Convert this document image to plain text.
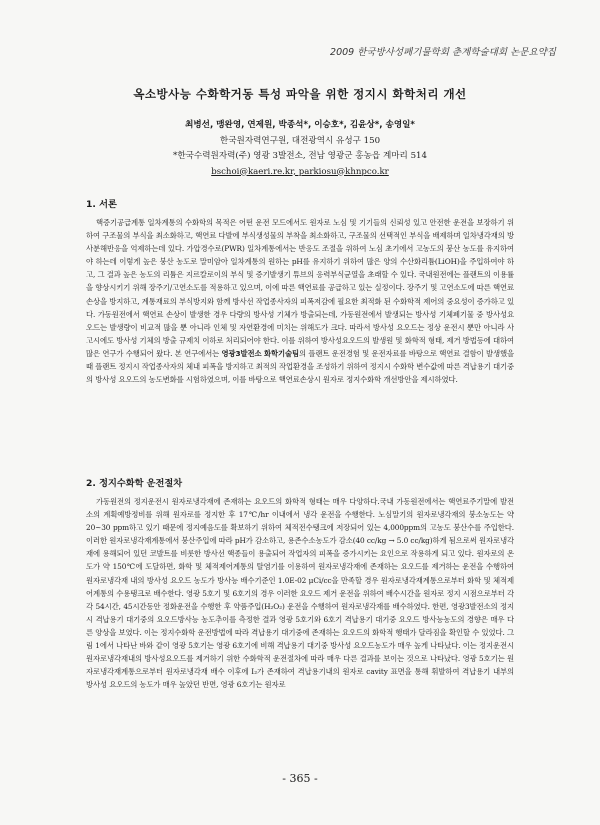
2009 한국방사성폐기물학회 춘계학술대회 논문요약집
옥소방사능 수화학거동 특성 파악을 위한 정지시 화학처리 개선
최병선, 맹완영, 연제원, 박종석*, 이승호*, 김윤상*, 송영일*
한국원자력연구원, 대전광역시 유성구 150
*한국수력원자력(주) 영광 3발전소, 전남 영광군 홍농읍 계마리 514
bschoi@kaeri.re.kr, parkiosu@khnpco.kr
1. 서론

핵증기공급계통 일차계통의 수화학의 목적은 어떤 운전 모드에서도 원자로 노심 및 기기들의 신뢰성 있고 안전한 운전을 보장하기 위하여 구조물의 부식을 최소화하고, 핵연료 다발에 부식생성물의 부착을 최소화하고, 구조물의 선택적인 부식을 배제하며 일차냉각재의 방사분해반응을 억제하는데 있다. 가압경수로(PWR) 일차계통에서는 반응도 조절을 위하여 노심 초기에서 고농도의 붕산 농도를 유지하여야 하는데 이렇게 높은 붕산 농도로 말미암아 일차계통의 원하는 pH를 유지하기 위하여 많은 양의 수산화리튬(LiOH)을 주입하여야 하고, 그 결과 높은 농도의 리튬은 지르칼로이의 부식 및 증기발생기 튜브의 응력부식균열을 초래할 수 있다. 국내원전에는 플랜트의 이용률을 향상시키기 위해 장주기/고연소도를 적용하고 있으며, 이에 따른 핵연료를 공급하고 있는 실정이다. 장주기 및 고연소도에 따른 핵연료 손상을 방지하고, 계통재료의 부식방지와 함께 방사선 작업종사자의 피폭저감에 필요한 최적화 된 수화학적 제어의 중요성이 증가하고 있다. 가동원전에서 핵연료 손상이 발생한 경우 다량의 방사성 기체가 방출되는데, 가동원전에서 발생되는 방사성 기체폐기물 중 방사성요오드는 발생량이 비교적 많을 뿐 아니라 인체 및 자연환경에 미치는 위해도가 크다. 따라서 방사성 요오드는 정상 운전시 뿐만 아니라 사고시에도 방사성 기체의 방출 규제치 이하로 처리되어야 한다. 이를 위하여 방사성요오드의 발생원 및 화학적 형태, 제거 방법등에 대하여 많은 연구가 수행되어 왔다. 본 연구에서는 영광3발전소 화학기술팀의 플랜트 운전경험 및 운전자료를 바탕으로 핵연료 결함이 발생했을 때 플랜트 정지시 작업종사자의 체내 피폭을 방지하고 최적의 작업환경을 조성하기 위하여 정지시 수화학 변수값에 따른 격납용기 대기중의 방사성 요오드의 농도변화를 시험하였으며, 이를 바탕으로 핵연료손상시 원자로 정지수화학 개선방안을 제시하였다.

2. 정지수화학 운전절차

가동원전의 정지운전시 원자로냉각재에 존재하는 요오드의 화학적 형태는 매우 다양하다.국내 가동원전에서는 핵연료주기말에 발전소의 계획예방정비를 위해 원자로를 정지한 후 17℃/hr 이내에서 냉각 운전을 수행한다. 노심말기의 원자로냉각재의 붕소농도는 약 20~30 ppm하고 있기 때문에 정지예음도를 확보하기 위하여 체적전수탱크에 저장되어 있는 4,000ppm의 고농도 붕산수를 주입한다. 이러한 원자로냉각재계통에서 붕산주입에 따라 pH가 감소하고, 용존수소농도가 감소(40 cc/kg → 5.0 cc/kg)하게 됨으로써 원자로냉각재에 용해되어 있던 코발트를 비롯한 방사선 핵종들이 용출되어 작업자의 피폭을 증가시키는 요인으로 작용하게 되고 있다. 원자로의 온도가 약 150℃에 도달하면, 화학 및 체적제어계통의 탈염기를 이용하여 원자로냉각재에 존재하는 요오드를 제거하는 운전을 수행하여 원자로냉각재 내의 방사성 요오드 농도가 방사능 배수기준인 1.0E-02 μCi/cc을 만족할 경우 원자로냉각재계통으로부터 화학 및 체적제어계통의 수용탱크로 배수한다. 영광 5호기 및 6호기의 경우 이러한 요오드 제거 운전을 위하여 배수시간을 원자로 정지 시점으로부터 각각 54시간, 45시간동안 정화운전을 수행한 후 약품주입(H₂O₂) 운전을 수행하여 원자로냉각재를 배수하였다. 한편, 영광3발전소의 정지시 격납용기 대기중의 요오드방사능 농도추이를 측정한 결과 영광 5호기와 6호기 격납용기 대기중 요오드 방사능농도의 경향은 매우 다른 양상을 보였다. 이는 정지수화학 운전방법에 따라 격납용기 대기중에 존재하는 요오드의 화학적 행태가 달라짐을 확인할 수 있었다. 그림 1에서 나타난 바와 같이 영광 5호기는 영광 6호기에 비해 격납용기 대기중 방사성 요오드농도가 매우 높게 나타났다. 이는 정지운전시 원자로냉각재내의 방사성요오드를 제거하기 위한 수화학적 운전절차에 따라 매우 다른 결과를 보이는 것으로 나타났다. 영광 5호기는 원자로냉각재계통으로부터 원자로냉각재 배수 이후에 I₂가 존재하여 격납용기내의 원자로 cavity 표면을 통해 휘발하여 격납용기 내부의 방사성 요오드의 농도가 매우 높았던 반면, 영광 6호기는 원자로

- 365 -
